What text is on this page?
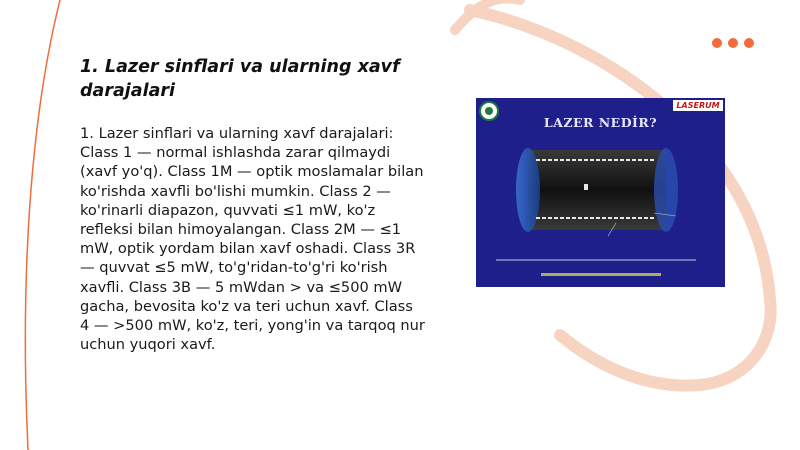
1. Lazer sinflari va ularning xavf darajalari

1. Lazer sinflari va ularning xavf darajalari: Class 1 — normal ishlashda zarar qilmaydi (xavf yo'q). Class 1M — optik moslamalar bilan ko'rishda xavfli bo'lishi mumkin. Class 2 — ko'rinarli diapazon, quvvati ≤1 mW, ko'z refleksi bilan himoyalangan. Class 2M — ≤1 mW, optik yordam bilan xavf oshadi. Class 3R — quvvat ≤5 mW, to'g'ridan-to'g'ri ko'rish xavfli. Class 3B — 5 mWdan > va ≤500 mW gacha, bevosita ko'z va teri uchun xavf. Class 4 — >500 mW, ko'z, teri, yong'in va tarqoq nur uchun yuqori xavf.

LASERUM
LAZER NEDİR?
